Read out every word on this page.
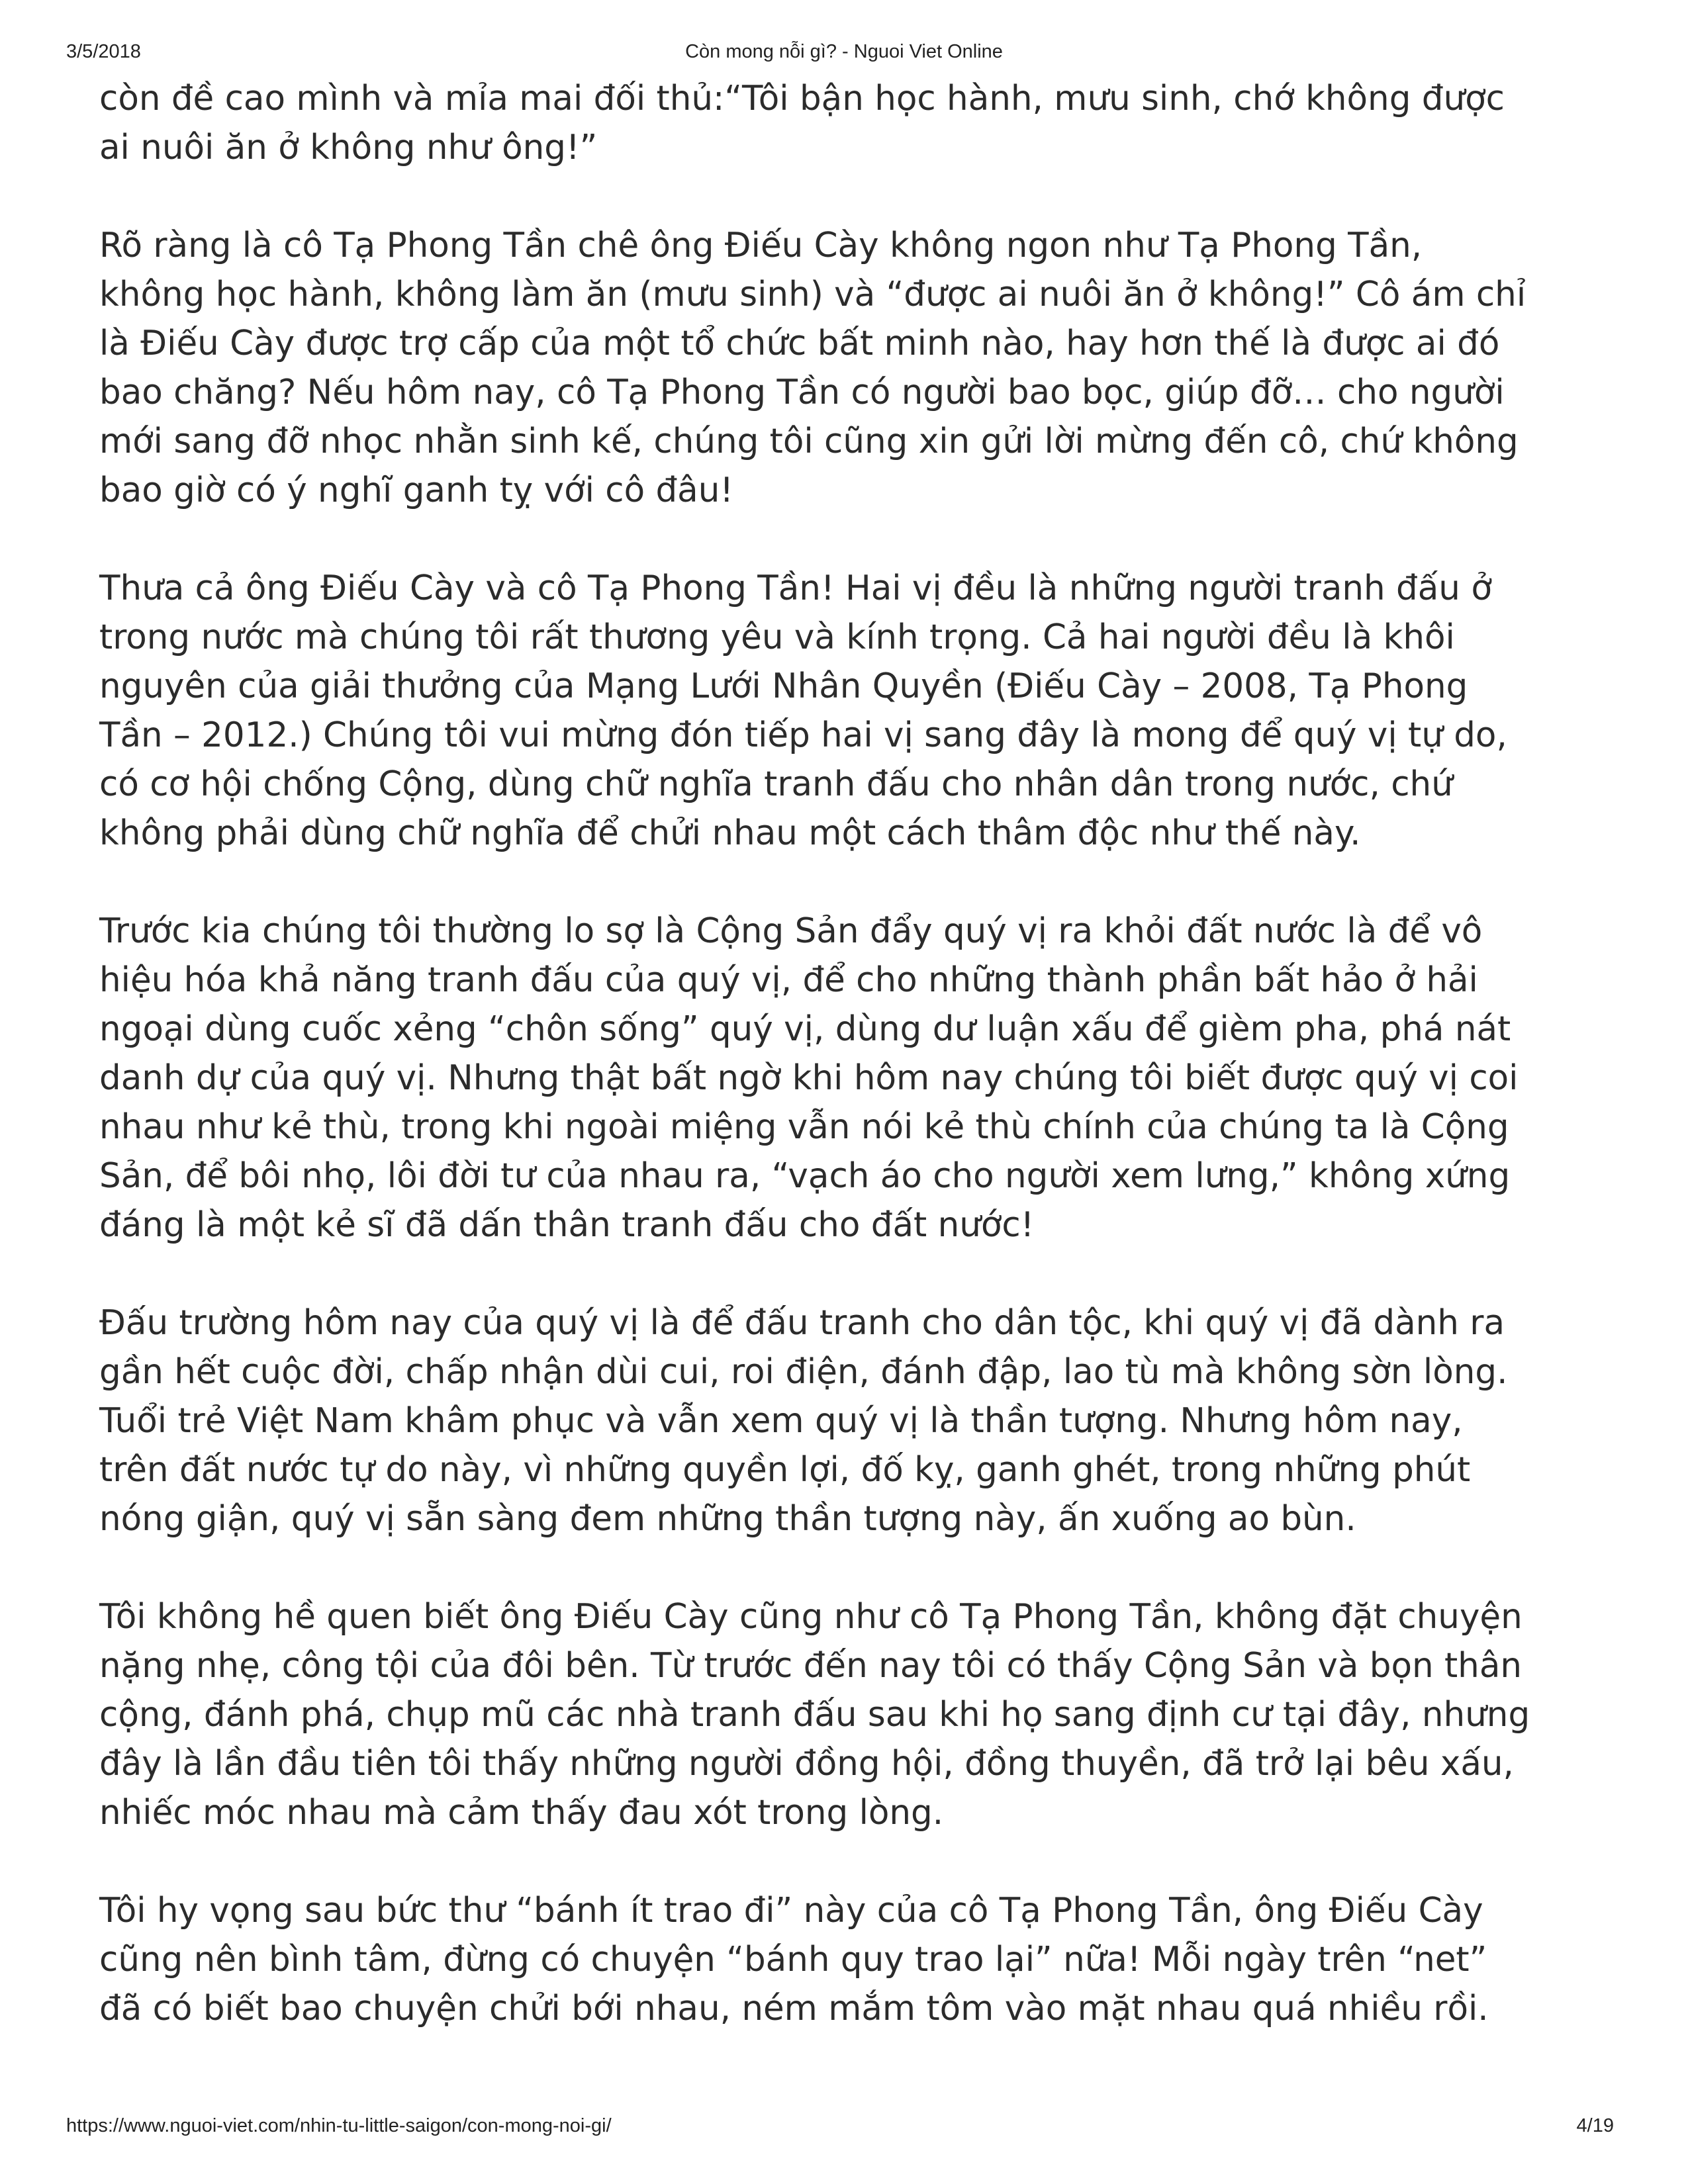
3/5/2018	Còn mong nỗi gì? - Nguoi Viet Online

còn đề cao mình và mỉa mai đối thủ:“Tôi bận học hành, mưu sinh, chớ không được
ai nuôi ăn ở không như ông!”

Rõ ràng là cô Tạ Phong Tần chê ông Điếu Cày không ngon như Tạ Phong Tần,
không học hành, không làm ăn (mưu sinh) và “được ai nuôi ăn ở không!” Cô ám chỉ
là Điếu Cày được trợ cấp của một tổ chức bất minh nào, hay hơn thế là được ai đó
bao chăng? Nếu hôm nay, cô Tạ Phong Tần có người bao bọc, giúp đỡ… cho người
mới sang đỡ nhọc nhằn sinh kế, chúng tôi cũng xin gửi lời mừng đến cô, chứ không
bao giờ có ý nghĩ ganh tỵ với cô đâu!

Thưa cả ông Điếu Cày và cô Tạ Phong Tần! Hai vị đều là những người tranh đấu ở
trong nước mà chúng tôi rất thương yêu và kính trọng. Cả hai người đều là khôi
nguyên của giải thưởng của Mạng Lưới Nhân Quyền (Điếu Cày – 2008, Tạ Phong
Tần – 2012.) Chúng tôi vui mừng đón tiếp hai vị sang đây là mong để quý vị tự do,
có cơ hội chống Cộng, dùng chữ nghĩa tranh đấu cho nhân dân trong nước, chứ
không phải dùng chữ nghĩa để chửi nhau một cách thâm độc như thế này.

Trước kia chúng tôi thường lo sợ là Cộng Sản đẩy quý vị ra khỏi đất nước là để vô
hiệu hóa khả năng tranh đấu của quý vị, để cho những thành phần bất hảo ở hải
ngoại dùng cuốc xẻng “chôn sống” quý vị, dùng dư luận xấu để gièm pha, phá nát
danh dự của quý vị. Nhưng thật bất ngờ khi hôm nay chúng tôi biết được quý vị coi
nhau như kẻ thù, trong khi ngoài miệng vẫn nói kẻ thù chính của chúng ta là Cộng
Sản, để bôi nhọ, lôi đời tư của nhau ra, “vạch áo cho người xem lưng,” không xứng
đáng là một kẻ sĩ đã dấn thân tranh đấu cho đất nước!

Đấu trường hôm nay của quý vị là để đấu tranh cho dân tộc, khi quý vị đã dành ra
gần hết cuộc đời, chấp nhận dùi cui, roi điện, đánh đập, lao tù mà không sờn lòng.
Tuổi trẻ Việt Nam khâm phục và vẫn xem quý vị là thần tượng. Nhưng hôm nay,
trên đất nước tự do này, vì những quyền lợi, đố kỵ, ganh ghét, trong những phút
nóng giận, quý vị sẵn sàng đem những thần tượng này, ấn xuống ao bùn.

Tôi không hề quen biết ông Điếu Cày cũng như cô Tạ Phong Tần, không đặt chuyện
nặng nhẹ, công tội của đôi bên. Từ trước đến nay tôi có thấy Cộng Sản và bọn thân
cộng, đánh phá, chụp mũ các nhà tranh đấu sau khi họ sang định cư tại đây, nhưng
đây là lần đầu tiên tôi thấy những người đồng hội, đồng thuyền, đã trở lại bêu xấu,
nhiếc móc nhau mà cảm thấy đau xót trong lòng.

Tôi hy vọng sau bức thư “bánh ít trao đi” này của cô Tạ Phong Tần, ông Điếu Cày
cũng nên bình tâm, đừng có chuyện “bánh quy trao lại” nữa! Mỗi ngày trên “net”
đã có biết bao chuyện chửi bới nhau, ném mắm tôm vào mặt nhau quá nhiều rồi.

https://www.nguoi-viet.com/nhin-tu-little-saigon/con-mong-noi-gi/	4/19
